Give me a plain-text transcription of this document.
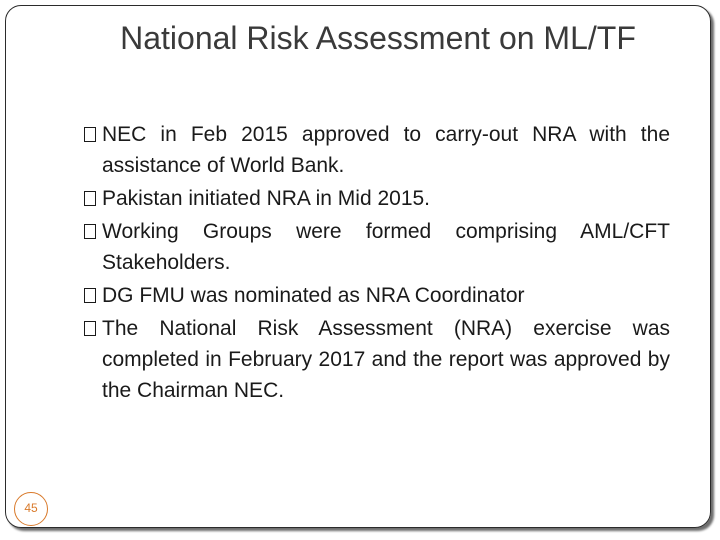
National Risk Assessment on ML/TF
NEC in Feb 2015 approved to carry-out NRA with the assistance of World Bank.
Pakistan initiated NRA in Mid 2015.
Working Groups were formed comprising AML/CFT Stakeholders.
DG FMU was nominated as NRA Coordinator
The National Risk Assessment (NRA) exercise was completed in February 2017 and the report was approved by the Chairman NEC.
45
